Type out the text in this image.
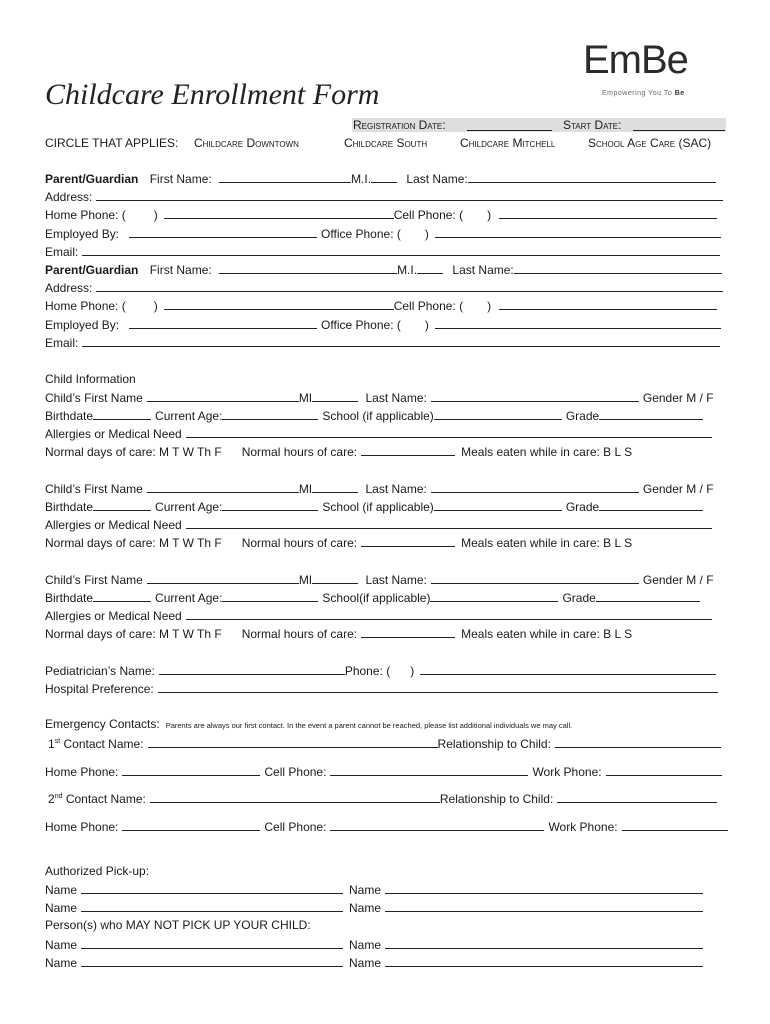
Childcare Enrollment Form
EmBe
Empowering You To Be
Registration Date:	Start Date:
CIRCLE THAT APPLIES: Childcare Downtown	Childcare South	Childcare Mitchell	School Age Care (SAC)
Parent/Guardian First Name:	M.I.	Last Name:
Address:
Home Phone: ( )	Cell Phone: ( )
Employed By:	Office Phone: ( )
Email:
Parent/Guardian First Name:	M.I.	Last Name:
Address:
Home Phone: ( )	Cell Phone: ( )
Employed By:	Office Phone: ( )
Email:
Child Information
Child’s First Name	MI	Last Name:	Gender M / F
Birthdate	Current Age:	School (if applicable)	Grade
Allergies or Medical Need
Normal days of care: M T W Th F Normal hours of care:	Meals eaten while in care: B L S
Child’s First Name	MI	Last Name:	Gender M / F
Birthdate	Current Age:	School (if applicable)	Grade
Allergies or Medical Need
Normal days of care: M T W Th F Normal hours of care:	Meals eaten while in care: B L S
Child’s First Name	MI	Last Name:	Gender M / F
Birthdate	Current Age:	School(if applicable)	Grade
Allergies or Medical Need
Normal days of care: M T W Th F Normal hours of care:	Meals eaten while in care: B L S
Pediatrician’s Name:	Phone: ( )
Hospital Preference:
Emergency Contacts: Parents are always our first contact. In the event a parent cannot be reached, please list additional individuals we may call.
1st Contact Name:	Relationship to Child:
Home Phone:	Cell Phone:	Work Phone:
2nd Contact Name:	Relationship to Child:
Home Phone:	Cell Phone:	Work Phone:
Authorized Pick-up:
Name	Name
Name	Name
Person(s) who MAY NOT PICK UP YOUR CHILD:
Name	Name
Name	Name
